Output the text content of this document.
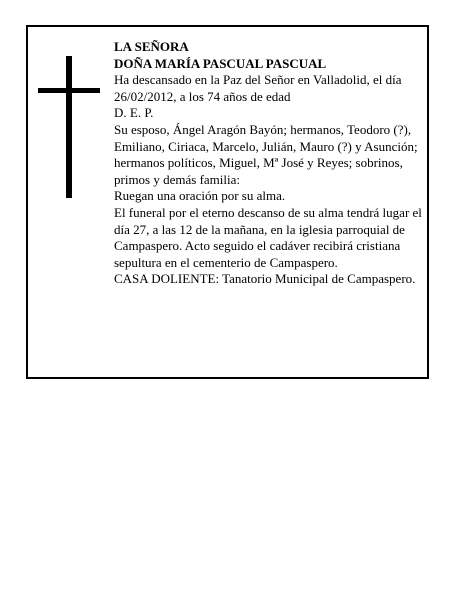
LA SEÑORA

DOÑA MARÍA PASCUAL PASCUAL

Ha descansado en la Paz del Señor en Valladolid, el día 26/02/2012, a los 74 años de edad

D. E. P.

Su esposo, Ángel Aragón Bayón; hermanos, Teodoro (?), Emiliano, Ciriaca, Marcelo, Julián, Mauro (?) y Asunción; hermanos políticos, Miguel, Mª José y Reyes; sobrinos, primos y demás familia:

Ruegan una oración por su alma.

El funeral por el eterno descanso de su alma tendrá lugar el día 27, a las 12 de la mañana, en la iglesia parroquial de Campaspero. Acto seguido el cadáver recibirá cristiana sepultura en el cementerio de Campaspero.

CASA DOLIENTE: Tanatorio Municipal de Campaspero.
